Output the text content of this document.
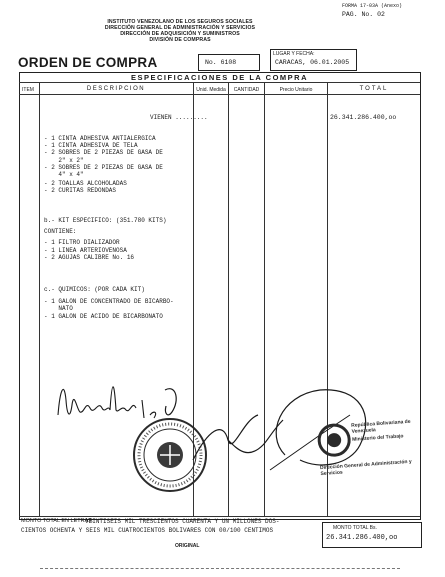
FORMA 17-03A (Anexo)
PAG. No. 02
INSTITUTO VENEZOLANO DE LOS SEGUROS SOCIALES
DIRECCIÓN GENERAL DE ADMINISTRACIÓN Y SERVICIOS
DIRECCIÓN DE ADQUISICIÓN Y SUMINISTROS
DIVISIÓN DE COMPRAS
ORDEN DE COMPRA	No. 6108
LUGAR Y FECHA:
CARACAS, 06.01.2005
ESPECIFICACIONES DE LA COMPRA
ITEM	DESCRIPCION	Unid. Medida	CANTIDAD	Precio Unitario	TOTAL
VIENEN .........	26.341.286.400,oo
- 1 CINTA ADHESIVA ANTIALERGICA
- 1 CINTA ADHESIVA DE TELA
- 2 SOBRES DE 2 PIEZAS DE GASA DE
2" x 2"
- 2 SOBRES DE 2 PIEZAS DE GASA DE
4" x 4"
- 2 TOALLAS ALCOHOLADAS
- 2 CURITAS REDONDAS
b.- KIT ESPECIFICO: (351.780 KITS)
CONTIENE:
- 1 FILTRO DIALIZADOR
- 1 LINEA ARTERIOVENOSA
- 2 AGUJAS CALIBRE No. 16
c.- QUIMICOS: (POR CADA KIT)
- 1 GALON DE CONCENTRADO DE BICARBO-
NATO
- 1 GALON DE ACIDO DE BICARBONATO
República Bolivariana de Venezuela
Ministerio del Trabajo
Dirección General de Administración y Servicios
MONTO TOTAL EN LETRAS:
VEINTISEIS MIL TRESCIENTOS CUARENTA Y UN MILLONES DOS-
CIENTOS OCHENTA Y SEIS MIL CUATROCIENTOS BOLIVARES CON 00/100 CENTIMOS	MONTO TOTAL Bs.
26.341.286.400,oo
ORIGINAL
